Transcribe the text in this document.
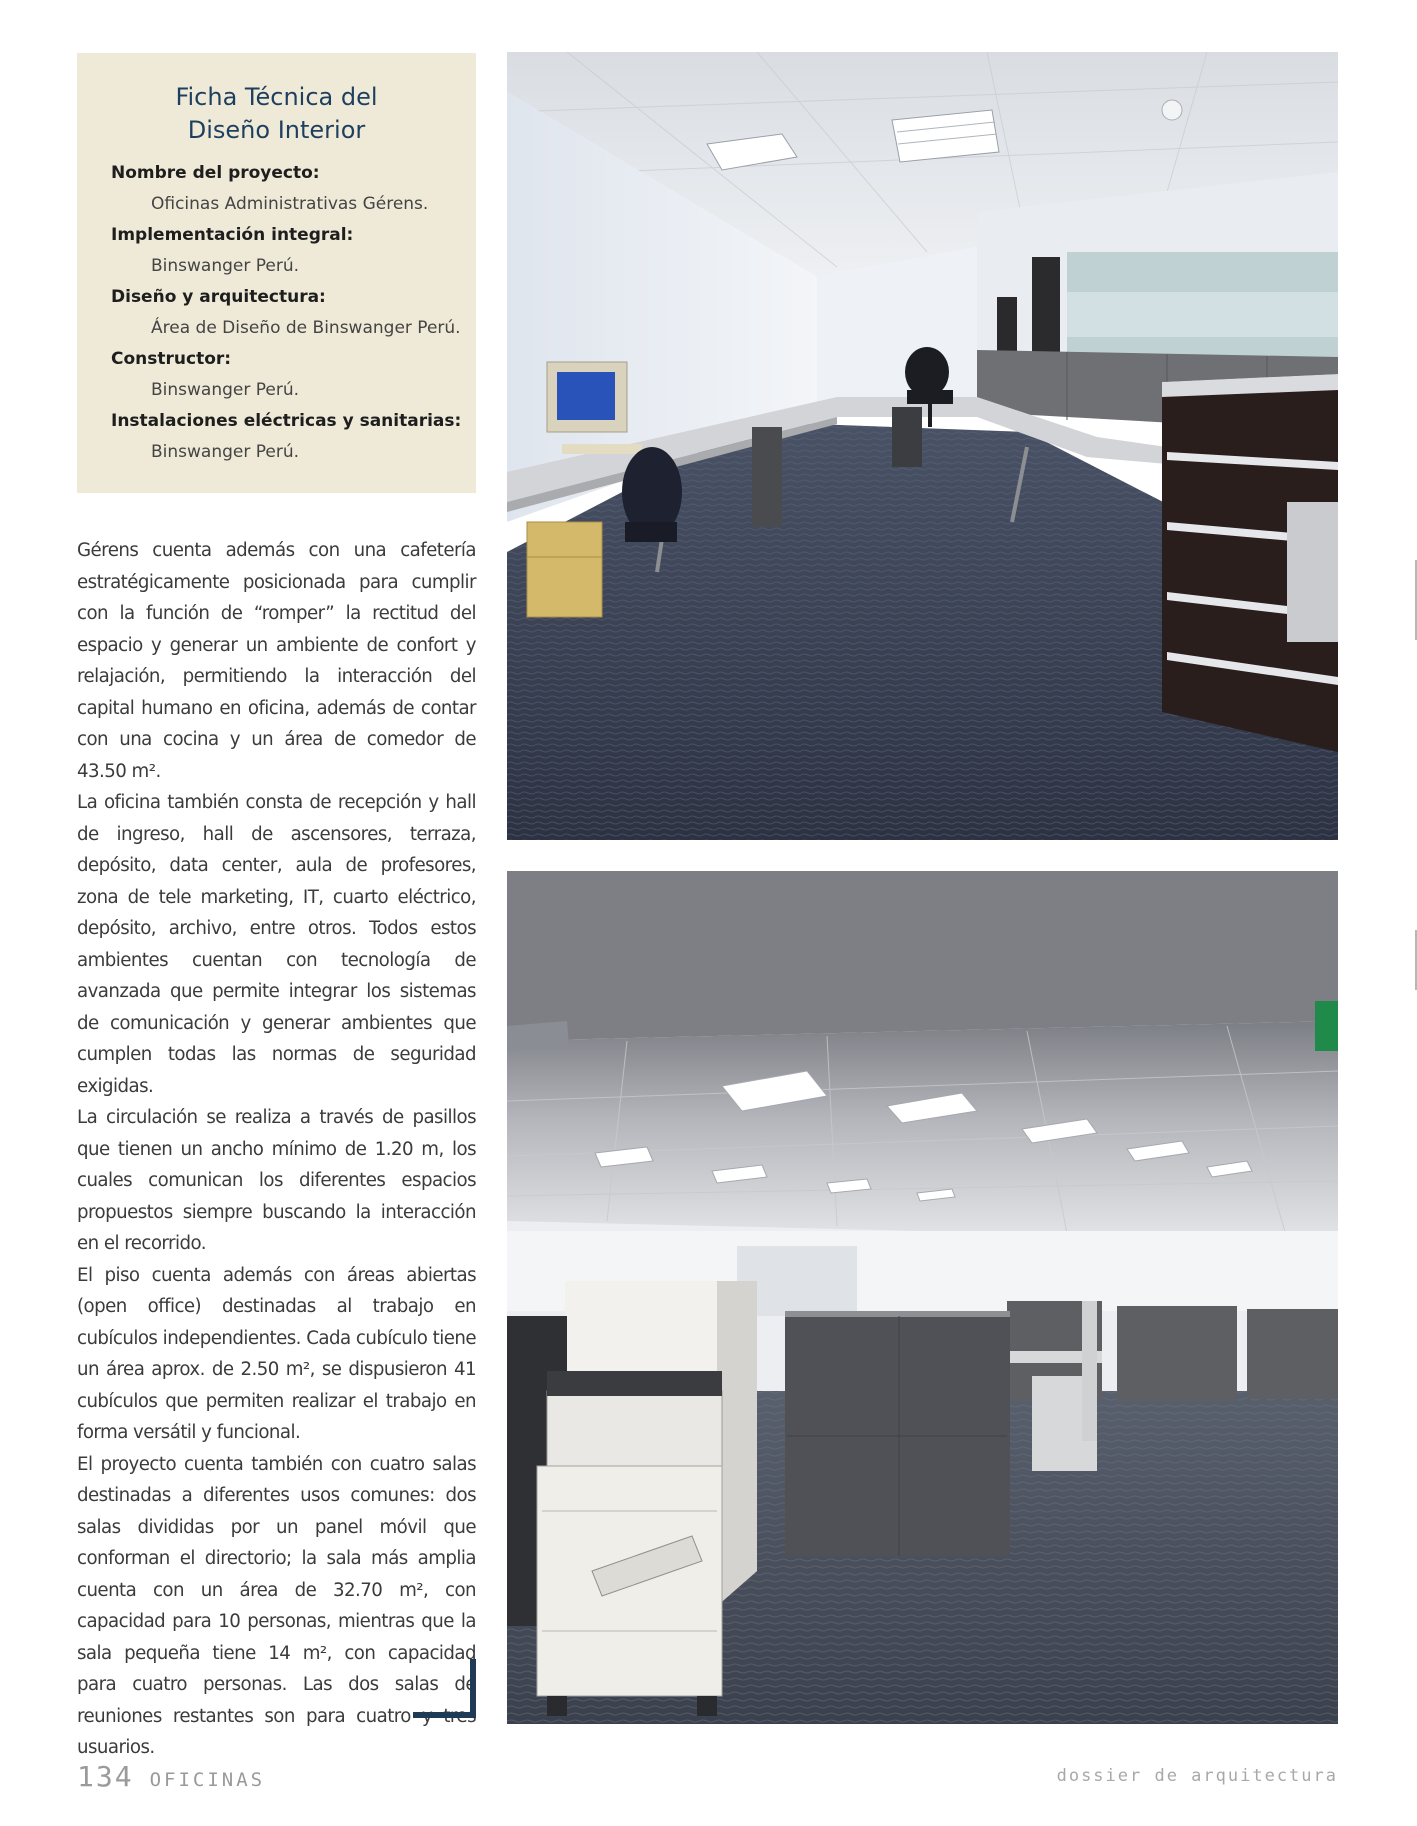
Ficha Técnica del
Diseño Interior
Nombre del proyecto:
Oficinas Administrativas Gérens.
Implementación integral:
Binswanger Perú.
Diseño y arquitectura:
Área de Diseño de Binswanger Perú.
Constructor:
Binswanger Perú.
Instalaciones eléctricas y sanitarias:
Binswanger Perú.

Gérens cuenta además con una cafetería estratégicamente posicionada para cumplir con la función de “romper” la rectitud del espacio y generar un ambiente de confort y relajación, permitiendo la interacción del capital humano en oficina, además de contar con una cocina y un área de comedor de 43.50 m².

La oficina también consta de recepción y hall de ingreso, hall de ascensores, terraza, depósito, data center, aula de profesores, zona de tele marketing, IT, cuarto eléctrico, depósito, archivo, entre otros. Todos estos ambientes cuentan con tecnología de avanzada que permite integrar los sistemas de comunicación y generar ambientes que cumplen todas las normas de seguridad exigidas.

La circulación se realiza a través de pasillos que tienen un ancho mínimo de 1.20 m, los cuales comunican los diferentes espacios propuestos siempre buscando la interacción en el recorrido.

El piso cuenta además con áreas abiertas (open office) destinadas al trabajo en cubículos independientes. Cada cubículo tiene un área aprox. de 2.50 m², se dispusieron 41 cubículos que permiten realizar el trabajo en forma versátil y funcional.

El proyecto cuenta también con cuatro salas destinadas a diferentes usos comunes: dos salas divididas por un panel móvil que conforman el directorio; la sala más amplia cuenta con un área de 32.70 m², con capacidad para 10 personas, mientras que la sala pequeña tiene 14 m², con capacidad para cuatro personas. Las dos salas de reuniones restantes son para cuatro y tres usuarios.

134 OFICINAS	dossier de arquitectura
